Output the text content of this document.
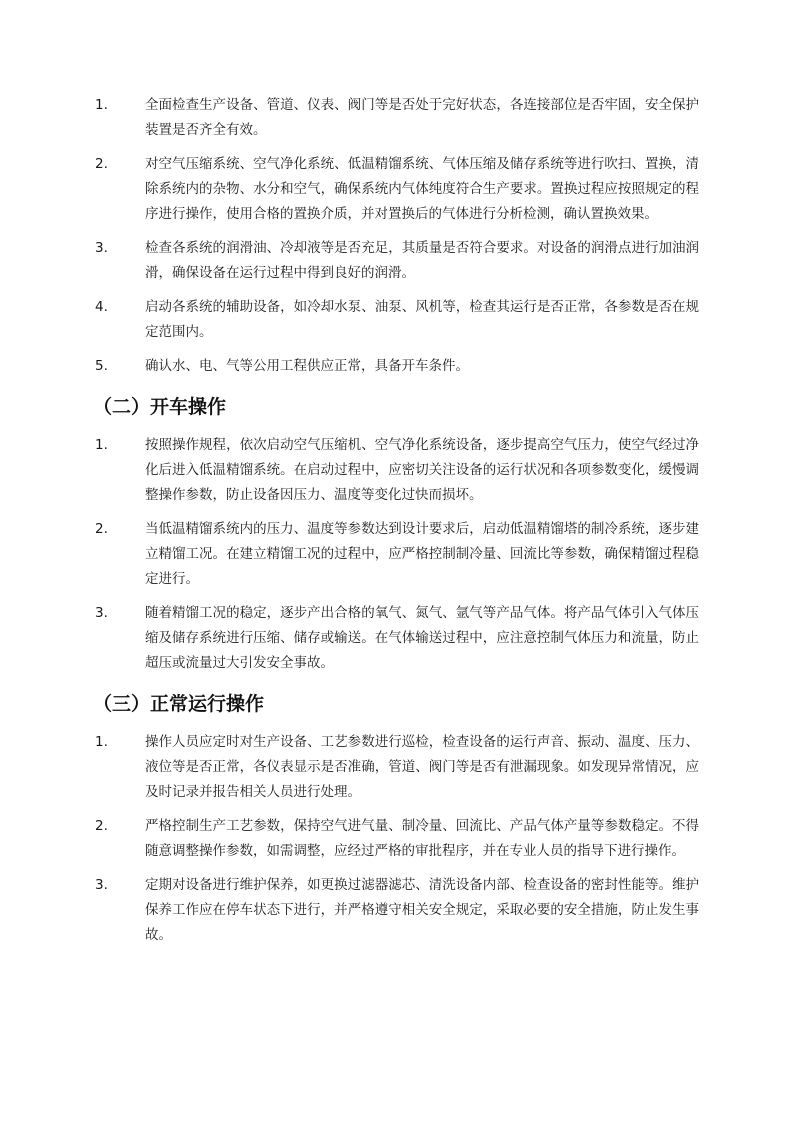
1.	全面检查生产设备、管道、仪表、阀门等是否处于完好状态，各连接部位是否牢固，安全保护装置是否齐全有效。
2.	对空气压缩系统、空气净化系统、低温精馏系统、气体压缩及储存系统等进行吹扫、置换，清除系统内的杂物、水分和空气，确保系统内气体纯度符合生产要求。置换过程应按照规定的程序进行操作，使用合格的置换介质，并对置换后的气体进行分析检测，确认置换效果。
3.	检查各系统的润滑油、冷却液等是否充足，其质量是否符合要求。对设备的润滑点进行加油润滑，确保设备在运行过程中得到良好的润滑。
4.	启动各系统的辅助设备，如冷却水泵、油泵、风机等，检查其运行是否正常，各参数是否在规定范围内。
5.	确认水、电、气等公用工程供应正常，具备开车条件。
（二）开车操作
1.	按照操作规程，依次启动空气压缩机、空气净化系统设备，逐步提高空气压力，使空气经过净化后进入低温精馏系统。在启动过程中，应密切关注设备的运行状况和各项参数变化，缓慢调整操作参数，防止设备因压力、温度等变化过快而损坏。
2.	当低温精馏系统内的压力、温度等参数达到设计要求后，启动低温精馏塔的制冷系统，逐步建立精馏工况。在建立精馏工况的过程中，应严格控制制冷量、回流比等参数，确保精馏过程稳定进行。
3.	随着精馏工况的稳定，逐步产出合格的氧气、氮气、氩气等产品气体。将产品气体引入气体压缩及储存系统进行压缩、储存或输送。在气体输送过程中，应注意控制气体压力和流量，防止超压或流量过大引发安全事故。
（三）正常运行操作
1.	操作人员应定时对生产设备、工艺参数进行巡检，检查设备的运行声音、振动、温度、压力、液位等是否正常，各仪表显示是否准确，管道、阀门等是否有泄漏现象。如发现异常情况，应及时记录并报告相关人员进行处理。
2.	严格控制生产工艺参数，保持空气进气量、制冷量、回流比、产品气体产量等参数稳定。不得随意调整操作参数，如需调整，应经过严格的审批程序，并在专业人员的指导下进行操作。
3.	定期对设备进行维护保养，如更换过滤器滤芯、清洗设备内部、检查设备的密封性能等。维护保养工作应在停车状态下进行，并严格遵守相关安全规定，采取必要的安全措施，防止发生事故。
